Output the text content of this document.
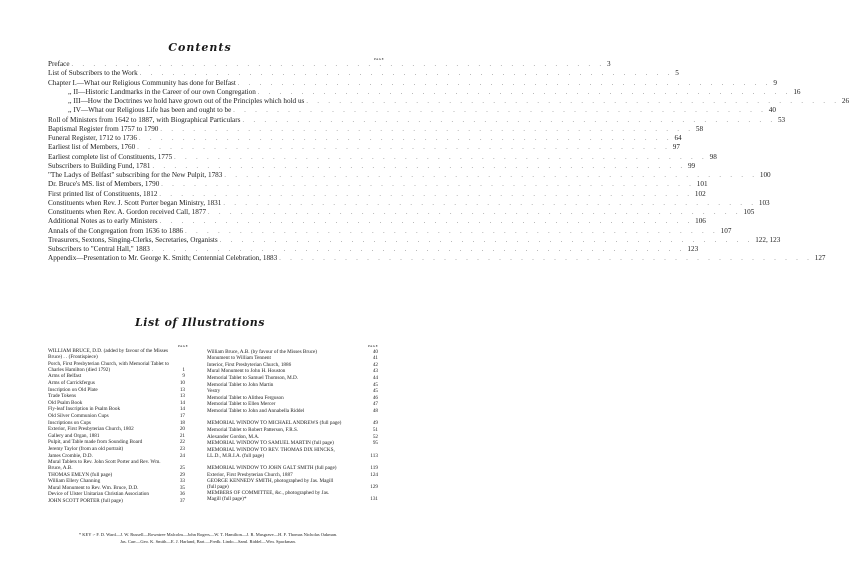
Contents
PAGE
Preface . . . . . . . . . . . . . . . . . . . . . . . . . . . . . . . . . . . . . . . . . . . . . . . . . 3
List of Subscribers to the Work . . . . . . . . . . . . . . . . . . . . . . . . . . . . . . . . . . . . . . . . . . . . . . . . . 5
Chapter I.—What our Religious Community has done for Belfast . . . . . . . . . . . . . . . . . . . . . . . . . . . . . . . . . . . . . . . . . . . . . . . . . 9
,, II—Historic Landmarks in the Career of our own Congregation . . . . . . . . . . . . . . . . . . . . . . . . . . . . . . . . . . . . . . . . . . . . . . . . . 16
,, III—How the Doctrines we hold have grown out of the Principles which hold us . . . . . . . . . . . . . . . . . . . . . . . . . . . . . . . . . . . . . . . . . . . . . . . . . 26
,, IV—What our Religious Life has been and ought to be . . . . . . . . . . . . . . . . . . . . . . . . . . . . . . . . . . . . . . . . . . . . . . . . . 40
Roll of Ministers from 1642 to 1887, with Biographical Particulars . . . . . . . . . . . . . . . . . . . . . . . . . . . . . . . . . . . . . . . . . . . . . . . . . 53
Baptismal Register from 1757 to 1790 . . . . . . . . . . . . . . . . . . . . . . . . . . . . . . . . . . . . . . . . . . . . . . . . . 58
Funeral Register, 1712 to 1736 . . . . . . . . . . . . . . . . . . . . . . . . . . . . . . . . . . . . . . . . . . . . . . . . . 64
Earliest list of Members, 1760 . . . . . . . . . . . . . . . . . . . . . . . . . . . . . . . . . . . . . . . . . . . . . . . . . 97
Earliest complete list of Constituents, 1775 . . . . . . . . . . . . . . . . . . . . . . . . . . . . . . . . . . . . . . . . . . . . . . . . . 98
Subscribers to Building Fund, 1781 . . . . . . . . . . . . . . . . . . . . . . . . . . . . . . . . . . . . . . . . . . . . . . . . . 99
"The Ladys of Belfast" subscribing for the New Pulpit, 1783 . . . . . . . . . . . . . . . . . . . . . . . . . . . . . . . . . . . . . . . . . . . . . . . . . 100
Dr. Bruce's MS. list of Members, 1790 . . . . . . . . . . . . . . . . . . . . . . . . . . . . . . . . . . . . . . . . . . . . . . . . . 101
First printed list of Constituents, 1812 . . . . . . . . . . . . . . . . . . . . . . . . . . . . . . . . . . . . . . . . . . . . . . . . . 102
Constituents when Rev. J. Scott Porter began Ministry, 1831 . . . . . . . . . . . . . . . . . . . . . . . . . . . . . . . . . . . . . . . . . . . . . . . . . 103
Constituents when Rev. A. Gordon received Call, 1877 . . . . . . . . . . . . . . . . . . . . . . . . . . . . . . . . . . . . . . . . . . . . . . . . . 105
Additional Notes as to early Ministers . . . . . . . . . . . . . . . . . . . . . . . . . . . . . . . . . . . . . . . . . . . . . . . . . 106
Annals of the Congregation from 1636 to 1886 . . . . . . . . . . . . . . . . . . . . . . . . . . . . . . . . . . . . . . . . . . . . . . . . . 107
Treasurers, Sextons, Singing-Clerks, Secretaries, Organists . . . . . . . . . . . . . . . . . . . . . . . . . . . . . . . . . . . . . . . . . . . . . . . . . 122, 123
Subscribers to "Central Hall," 1883 . . . . . . . . . . . . . . . . . . . . . . . . . . . . . . . . . . . . . . . . . . . . . . . . . 123
Appendix—Presentation to Mr. George K. Smith; Centennial Celebration, 1883 . . . . . . . . . . . . . . . . . . . . . . . . . . . . . . . . . . . . . . . . . . . . . . . . . 127
List of Illustrations
PAGE	PAGE
WILLIAM BRUCE, D.D. (added by favour of the Misses Bruce) . . (Frontispiece)
Porch, First Presbyterian Church, with Memorial Tablet to Charles Hamilton (died 1792)	1
Arms of Belfast	9
Arms of Carrickfergus	10
Inscription on Old Plate	13
Trade Tokens	13
Old Psalm Book	14
Fly-leaf Inscription in Psalm Book	14
Old Silver Communion Cups	17
Inscriptions on Cups	18
Exterior, First Presbyterian Church, 1802	20
Gallery and Organ, 1881	21
Pulpit, and Table made from Sounding Board	22
Jeremy Taylor (from an old portrait)	23
James Crombie, D.D.	24
Mural Tablets to Rev. John Scott Porter and Rev. Wm. Bruce, A.B.	25
THOMAS EMLYN (full page)	29
William Ellery Channing	33
Mural Monument to Rev. Wm. Bruce, D.D.	35
Device of Ulster Unitarian Christian Association	36
JOHN SCOTT PORTER (full page)	37
William Bruce, A.B. (by favour of the Misses Bruce)	40
Monument to William Tennent	41
Interior, First Presbyterian Church, 1886	42
Mural Monument to John H. Houston	43
Memorial Tablet to Samuel Thomson, M.D.	44
Memorial Tablet to John Martin	45
Vestry	45
Memorial Tablet to Alithea Ferguson	46
Memorial Tablet to Ellen Mercer	47
Memorial Tablet to John and Annabella Riddel	48
MEMORIAL WINDOW TO MICHAEL ANDREWS (full page)	49
Memorial Tablet to Robert Patterson, F.R.S.	51
Alexander Gordon, M.A.	52
MEMORIAL WINDOW TO SAMUEL MARTIN (full page)	95
MEMORIAL WINDOW TO REV. THOMAS DIX HINCKS, LL.D., M.R.I.A. (full page)	113
MEMORIAL WINDOW TO JOHN GALT SMITH (full page)	119
Exterior, First Presbyterian Church, 1887	124
GEORGE KENNEDY SMITH, photographed by Jas. Magill (full page)	129
MEMBERS OF COMMITTEE, &c., photographed by Jas. Magill (full page)*	131
* KEY :- F. D. Ward—J. W. Russell—Rowntree Malcolm—John Rogers—W. T. Hamilton—J. R. Musgrave—H. F. Thomas Nicholas Oakman.
Jas. Carr—Geo. K. Smith—E. J. Harland, Bart.—Fredk. Lindo—Saml. Riddel—Wm. Spackman.
